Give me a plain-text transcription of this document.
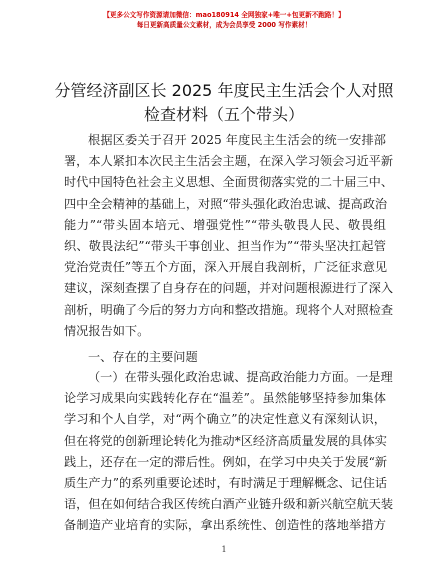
【更多公文写作资源请加微信：mao180914 全网独家+唯一+包更新不跑路！】
每日更新高质量公文素材，成为会员享受 2000 写作素材！
分管经济副区长 2025 年度民主生活会个人对照
检查材料（五个带头）
根据区委关于召开 2025 年度民主生活会的统一安排部
署，本人紧扣本次民主生活会主题，在深入学习领会习近平新
时代中国特色社会主义思想、全面贯彻落实党的二十届三中、
四中全会精神的基础上，对照“带头强化政治忠诚、提高政治
能力”“带头固本培元、增强党性”“带头敬畏人民、敬畏组
织、敬畏法纪”“带头干事创业、担当作为”“带头坚决扛起管
党治党责任”等五个方面，深入开展自我剖析，广泛征求意见
建议，深刻查摆了自身存在的问题，并对问题根源进行了深入
剖析，明确了今后的努力方向和整改措施。现将个人对照检查
情况报告如下。
一、存在的主要问题
（一）在带头强化政治忠诚、提高政治能力方面。一是理
论学习成果向实践转化存在“温差”。虽然能够坚持参加集体
学习和个人自学，对“两个确立”的决定性意义有深刻认识，
但在将党的创新理论转化为推动*区经济高质量发展的具体实
践上，还存在一定的滞后性。例如，在学习中央关于发展“新
质生产力”的系列重要论述时，有时满足于理解概念、记住话
语，但在如何结合我区传统白酒产业链升级和新兴航空航天装
备制造产业培育的实际，拿出系统性、创造性的落地举措方
1
